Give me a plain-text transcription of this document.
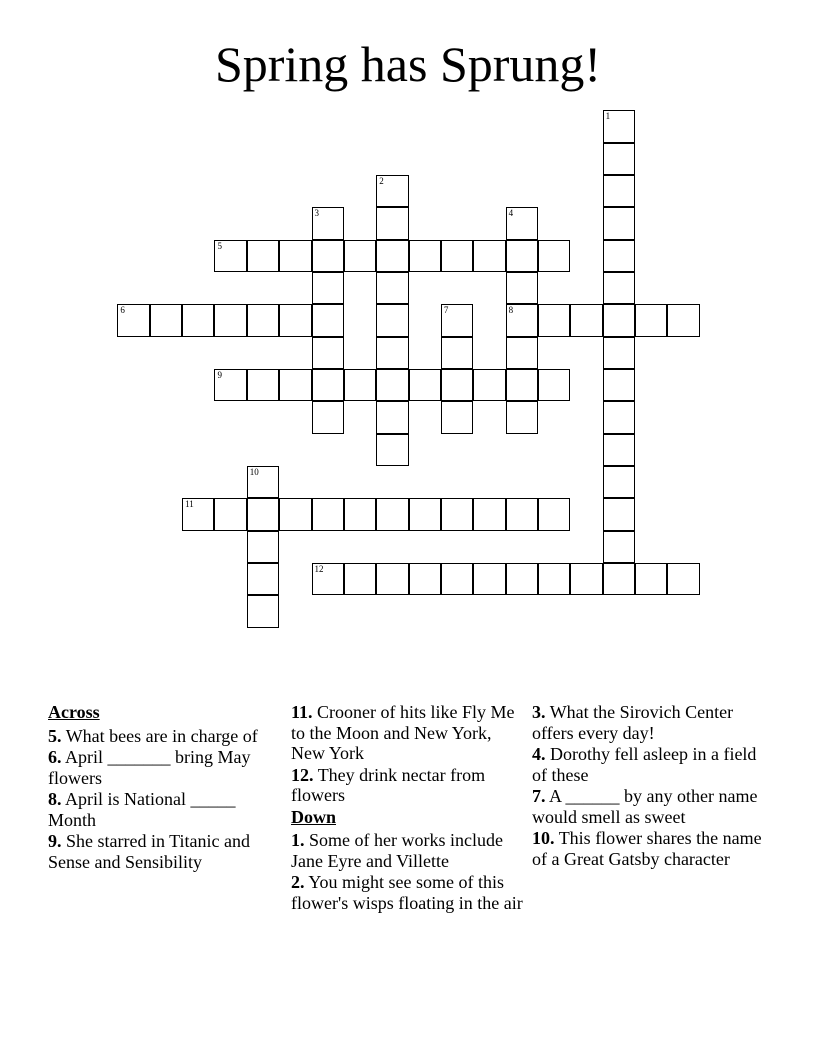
Spring has Sprung!
1
2
3	4
8
5
6	7
9
10
11
12
Across
5. What bees are in charge of
6. April _______ bring May flowers
8. April is National _____ Month
9. She starred in Titanic and Sense and Sensibility
11. Crooner of hits like Fly Me to the Moon and New York, New York
12. They drink nectar from flowers
Down
1. Some of her works include Jane Eyre and Villette
2. You might see some of this flower's wisps floating in the air
3. What the Sirovich Center offers every day!
4. Dorothy fell asleep in a field of these
7. A ______ by any other name would smell as sweet
10. This flower shares the name of a Great Gatsby character
